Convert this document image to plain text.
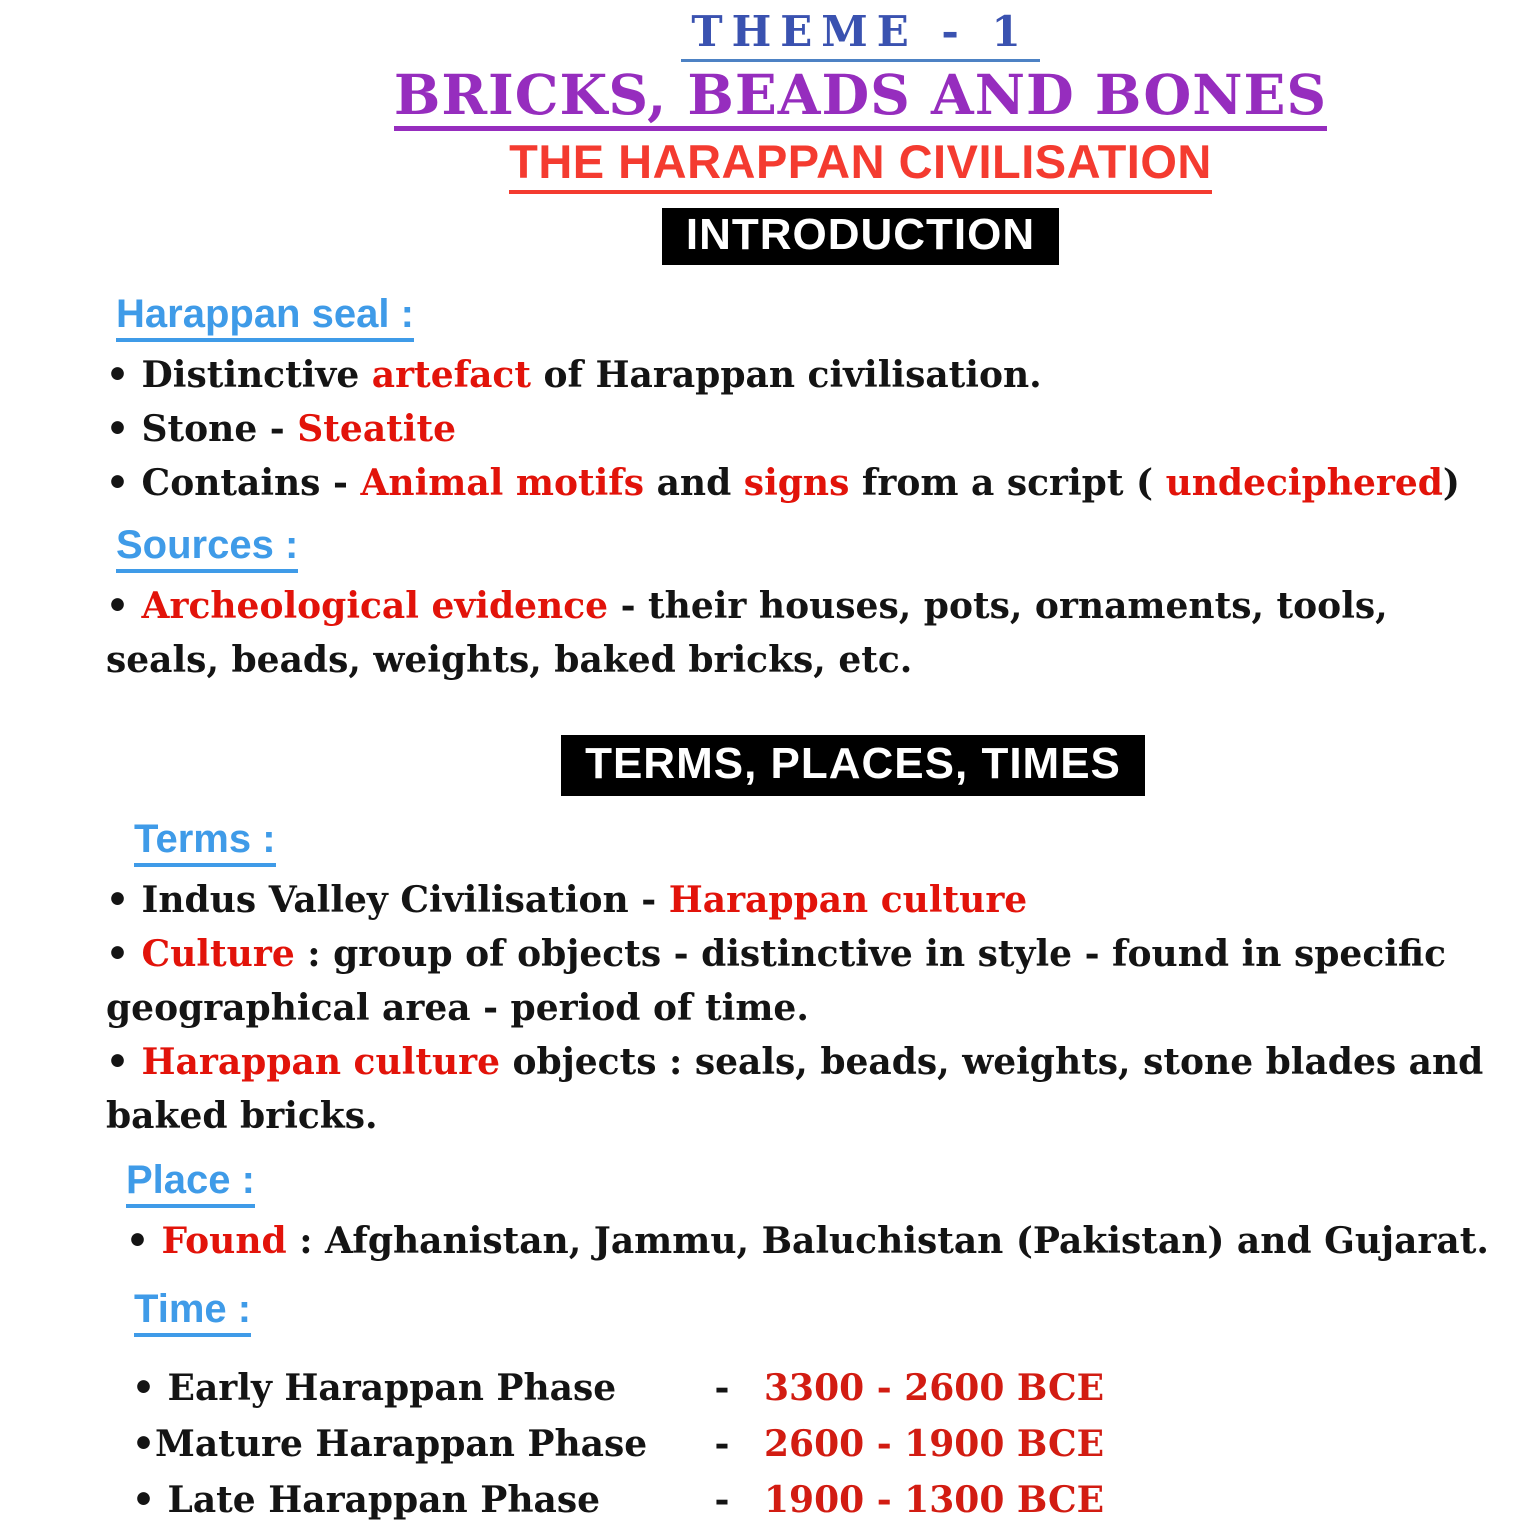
THEME - 1
BRICKS, BEADS AND BONES
THE HARAPPAN CIVILISATION
INTRODUCTION
Harappan seal :

• Distinctive artefact of Harappan civilisation.

• Stone - Steatite

• Contains - Animal motifs and signs from a script ( undeciphered)

Sources :

• Archeological evidence - their houses, pots, ornaments, tools, seals, beads, weights, baked bricks, etc.

TERMS, PLACES, TIMES
Terms :

• Indus Valley Civilisation - Harappan culture

• Culture : group of objects - distinctive in style - found in specific geographical area - period of time.

• Harappan culture objects : seals, beads, weights, stone blades and baked bricks.

Place :

• Found : Afghanistan, Jammu, Baluchistan (Pakistan) and Gujarat.

Time :
• Early Harappan Phase	- 3300 - 2600 BCE
•Mature Harappan Phase	- 2600 - 1900 BCE
• Late Harappan Phase	- 1900 - 1300 BCE
